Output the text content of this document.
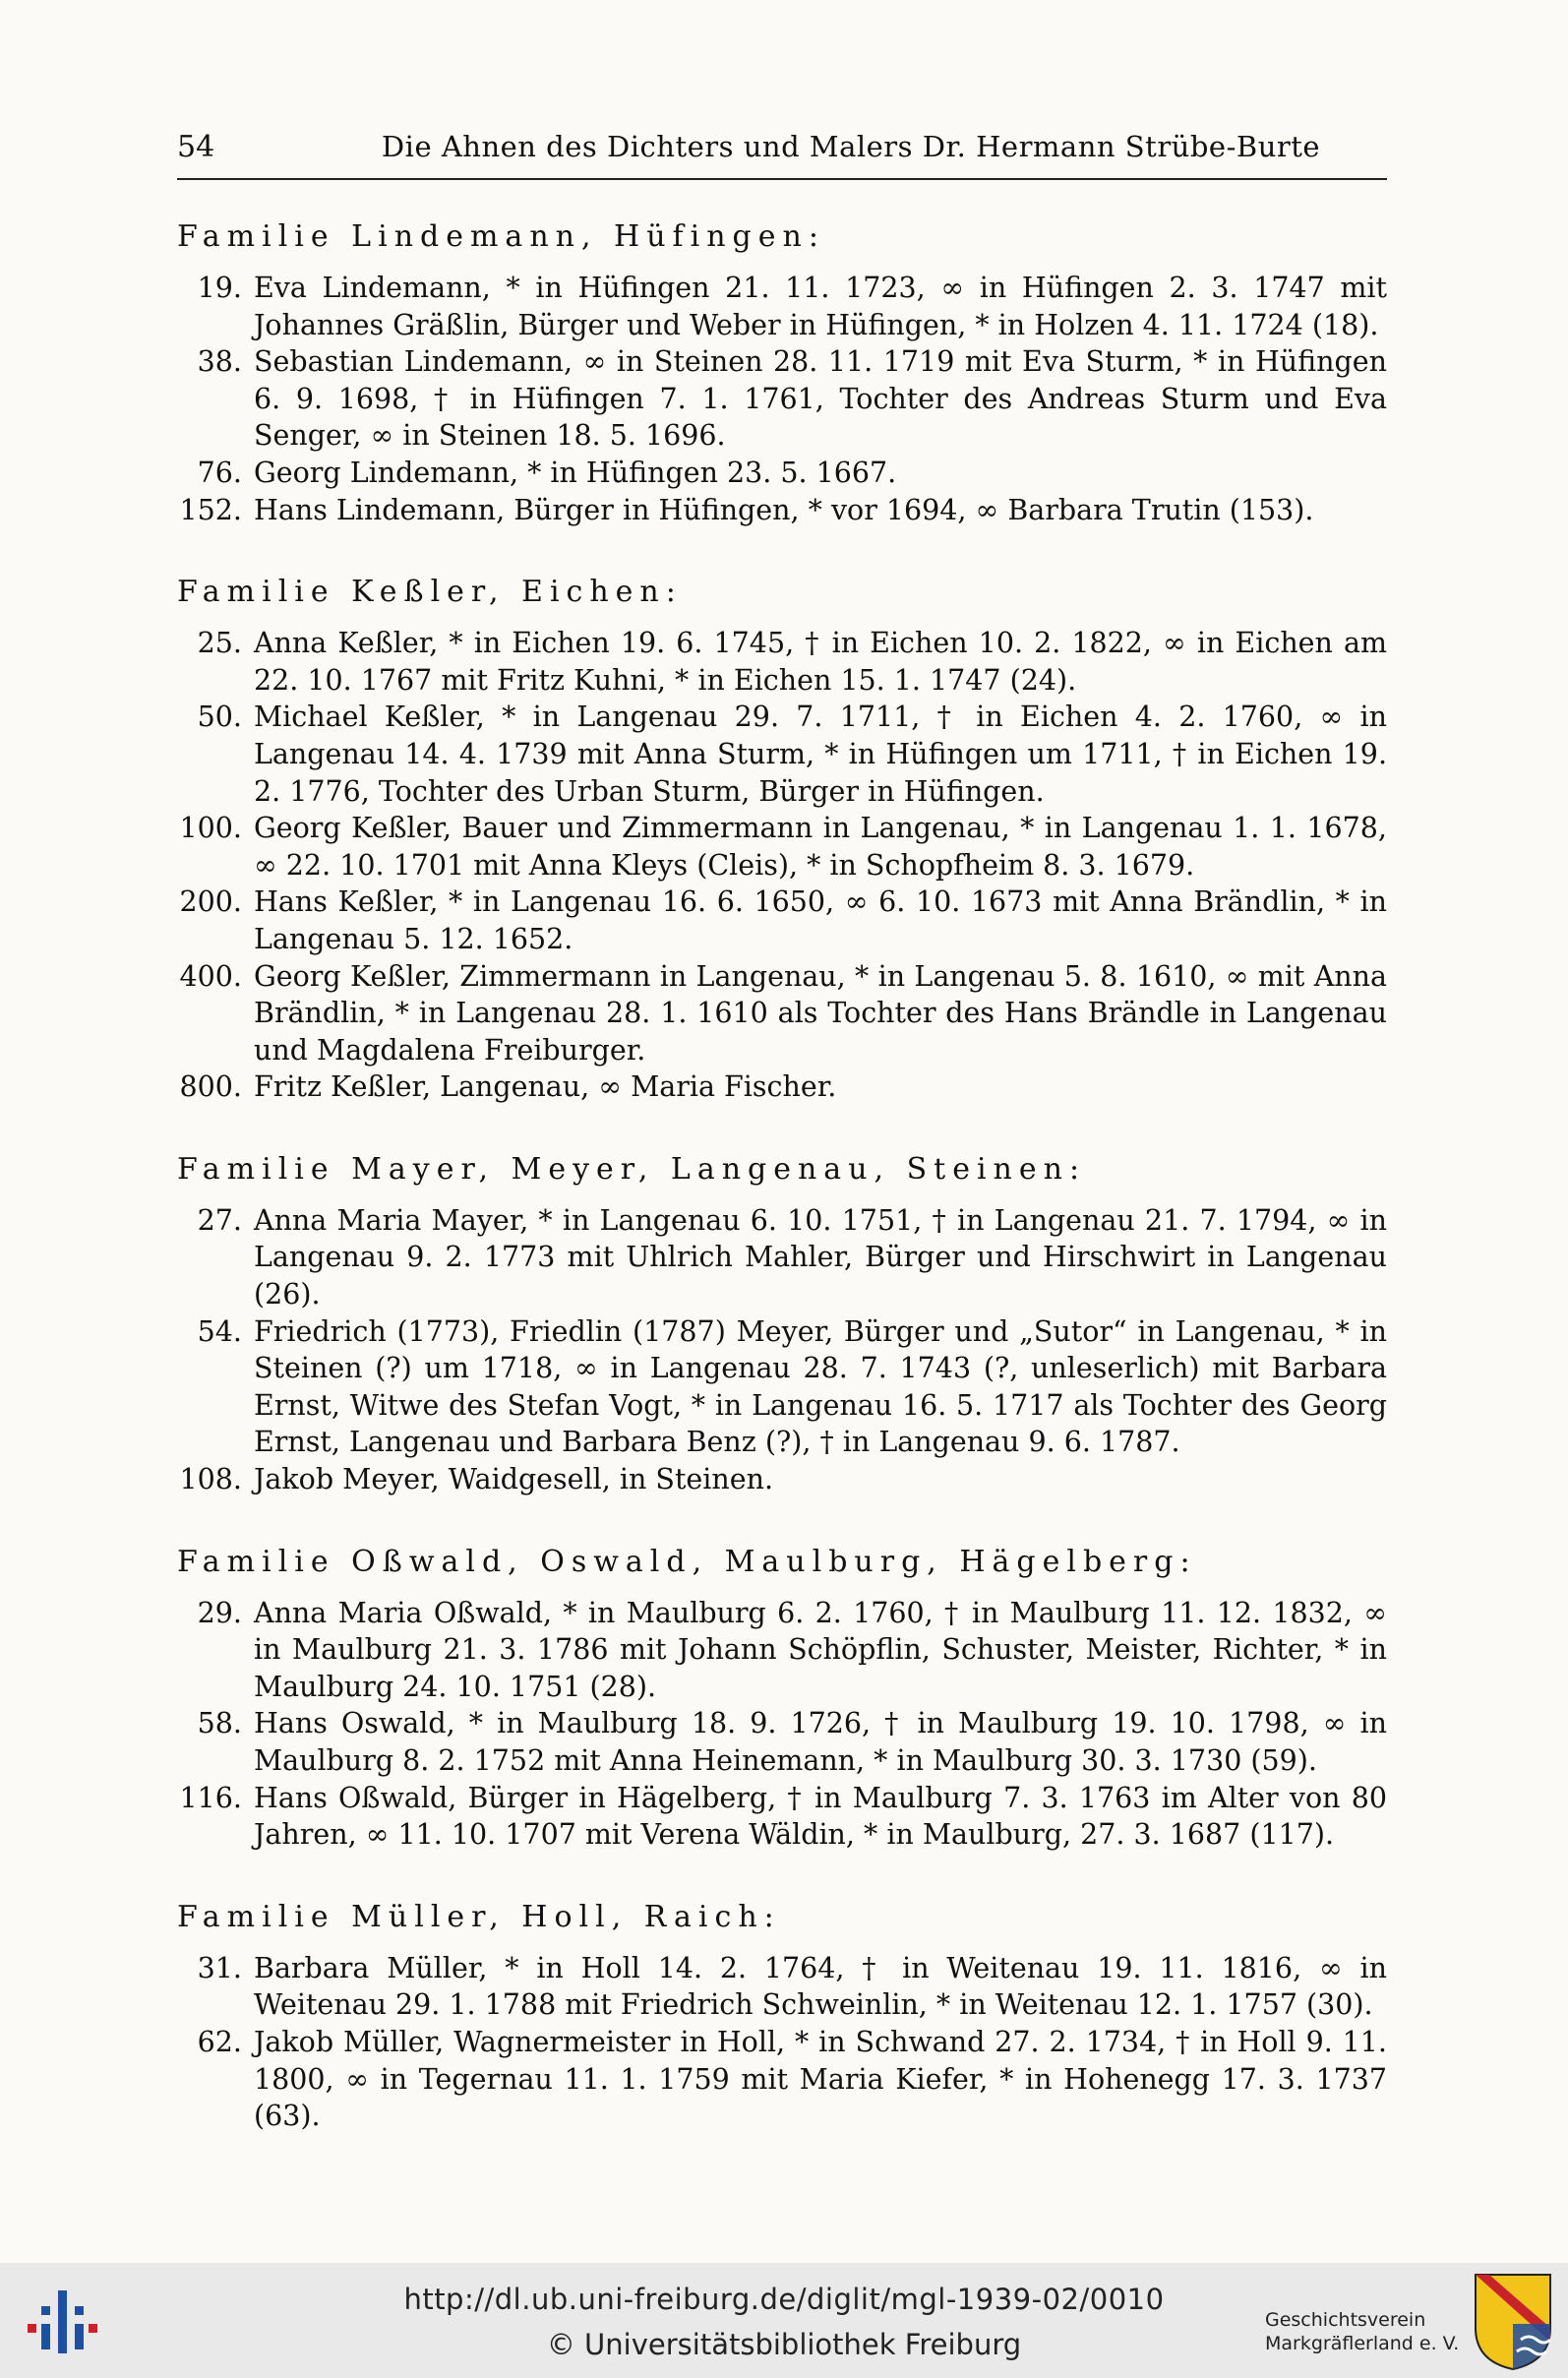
54	Die Ahnen des Dichters und Malers Dr. Hermann Strübe-Burte
Familie Lindemann, Hüfingen:
19. Eva Lindemann, * in Hüfingen 21. 11. 1723, ∞ in Hüfingen 2. 3. 1747 mit Johannes Gräßlin, Bürger und Weber in Hüfingen, * in Holzen 4. 11. 1724 (18).
38. Sebastian Lindemann, ∞ in Steinen 28. 11. 1719 mit Eva Sturm, * in Hüfingen 6. 9. 1698, † in Hüfingen 7. 1. 1761, Tochter des Andreas Sturm und Eva Senger, ∞ in Steinen 18. 5. 1696.
76. Georg Lindemann, * in Hüfingen 23. 5. 1667.
152. Hans Lindemann, Bürger in Hüfingen, * vor 1694, ∞ Barbara Trutin (153).
Familie Keßler, Eichen:
25. Anna Keßler, * in Eichen 19. 6. 1745, † in Eichen 10. 2. 1822, ∞ in Eichen am 22. 10. 1767 mit Fritz Kuhni, * in Eichen 15. 1. 1747 (24).
50. Michael Keßler, * in Langenau 29. 7. 1711, † in Eichen 4. 2. 1760, ∞ in Langenau 14. 4. 1739 mit Anna Sturm, * in Hüfingen um 1711, † in Eichen 19. 2. 1776, Tochter des Urban Sturm, Bürger in Hüfingen.
100. Georg Keßler, Bauer und Zimmermann in Langenau, * in Langenau 1. 1. 1678, ∞ 22. 10. 1701 mit Anna Kleys (Cleis), * in Schopfheim 8. 3. 1679.
200. Hans Keßler, * in Langenau 16. 6. 1650, ∞ 6. 10. 1673 mit Anna Brändlin, * in Langenau 5. 12. 1652.
400. Georg Keßler, Zimmermann in Langenau, * in Langenau 5. 8. 1610, ∞ mit Anna Brändlin, * in Langenau 28. 1. 1610 als Tochter des Hans Brändle in Langenau und Magdalena Freiburger.
800. Fritz Keßler, Langenau, ∞ Maria Fischer.
Familie Mayer, Meyer, Langenau, Steinen:
27. Anna Maria Mayer, * in Langenau 6. 10. 1751, † in Langenau 21. 7. 1794, ∞ in Langenau 9. 2. 1773 mit Uhlrich Mahler, Bürger und Hirschwirt in Langenau (26).
54. Friedrich (1773), Friedlin (1787) Meyer, Bürger und „Sutor“ in Langenau, * in Steinen (?) um 1718, ∞ in Langenau 28. 7. 1743 (?, unleserlich) mit Barbara Ernst, Witwe des Stefan Vogt, * in Langenau 16. 5. 1717 als Tochter des Georg Ernst, Langenau und Barbara Benz (?), † in Langenau 9. 6. 1787.
108. Jakob Meyer, Waidgesell, in Steinen.
Familie Oßwald, Oswald, Maulburg, Hägelberg:
29. Anna Maria Oßwald, * in Maulburg 6. 2. 1760, † in Maulburg 11. 12. 1832, ∞ in Maulburg 21. 3. 1786 mit Johann Schöpflin, Schuster, Meister, Richter, * in Maulburg 24. 10. 1751 (28).
58. Hans Oswald, * in Maulburg 18. 9. 1726, † in Maulburg 19. 10. 1798, ∞ in Maulburg 8. 2. 1752 mit Anna Heinemann, * in Maulburg 30. 3. 1730 (59).
116. Hans Oßwald, Bürger in Hägelberg, † in Maulburg 7. 3. 1763 im Alter von 80 Jahren, ∞ 11. 10. 1707 mit Verena Wäldin, * in Maulburg, 27. 3. 1687 (117).
Familie Müller, Holl, Raich:
31. Barbara Müller, * in Holl 14. 2. 1764, † in Weitenau 19. 11. 1816, ∞ in Weitenau 29. 1. 1788 mit Friedrich Schweinlin, * in Weitenau 12. 1. 1757 (30).
62. Jakob Müller, Wagnermeister in Holl, * in Schwand 27. 2. 1734, † in Holl 9. 11. 1800, ∞ in Tegernau 11. 1. 1759 mit Maria Kiefer, * in Hohenegg 17. 3. 1737 (63).
http://dl.ub.uni-freiburg.de/diglit/mgl-1939-02/0010
© Universitätsbibliothek Freiburg
Geschichtsverein
Markgräflerland e. V.
